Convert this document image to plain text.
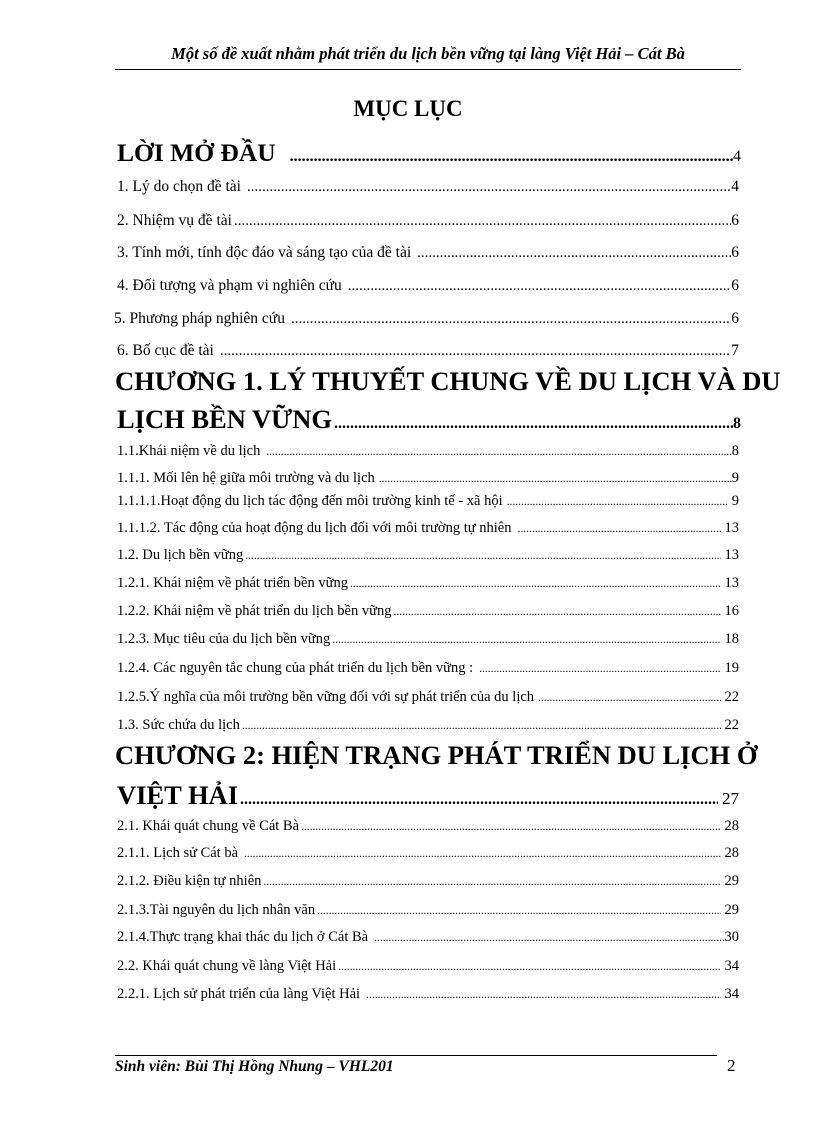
Một số đề xuất nhằm phát triển du lịch bền vững tại làng Việt Hải – Cát Bà
MỤC LỤC
LỜI MỞ ĐẦU .....	4
1. Lý do chọn đề tài .....	4
2. Nhiệm vụ đề tài .....	6
3. Tính mới, tính độc đáo và sáng tạo của đề tài .....	6
4. Đối tượng và phạm vi nghiên cứu .....	6
5. Phương pháp nghiên cứu .....	6
6. Bố cục đề tài .....	7
CHƯƠNG 1. LÝ THUYẾT CHUNG VỀ DU LỊCH VÀ DU
LỊCH BỀN VỮNG .....	8
1.1.Khái niệm về du lịch .....	8
1.1.1. Mối lên hệ giữa môi trường và du lịch .....	9
1.1.1.1.Hoạt động du lịch tác động đến môi trường kinh tế - xã hội .....	9
1.1.1.2. Tác động của hoạt động du lịch đối với môi trường tự nhiên .....	13
1.2. Du lịch bền vững .....	13
1.2.1. Khái niệm về phát triển bền vững .....	13
1.2.2. Khái niệm về phát triển du lịch bền vững .....	16
1.2.3. Mục tiêu của du lịch bền vững .....	18
1.2.4. Các nguyên tắc chung của phát triển du lịch bền vững : .....	19
1.2.5.Ý nghĩa của môi trường bền vững đối với sự phát triển của du lịch .....	22
1.3. Sức chứa du lịch .....	22
CHƯƠNG 2: HIỆN TRẠNG PHÁT TRIỂN DU LỊCH Ở
VIỆT HẢI .....	27
2.1. Khái quát chung về Cát Bà .....	28
2.1.1. Lịch sử Cát bà .....	28
2.1.2. Điều kiện tự nhiên .....	29
2.1.3.Tài nguyên du lịch nhân văn .....	29
2.1.4.Thực trạng khai thác du lịch ở Cát Bà .....	30
2.2. Khái quát chung về làng Việt Hải .....	34
2.2.1. Lịch sử phát triển của làng Việt Hải .....	34
Sinh viên: Bùi Thị Hồng Nhung – VHL201	2
